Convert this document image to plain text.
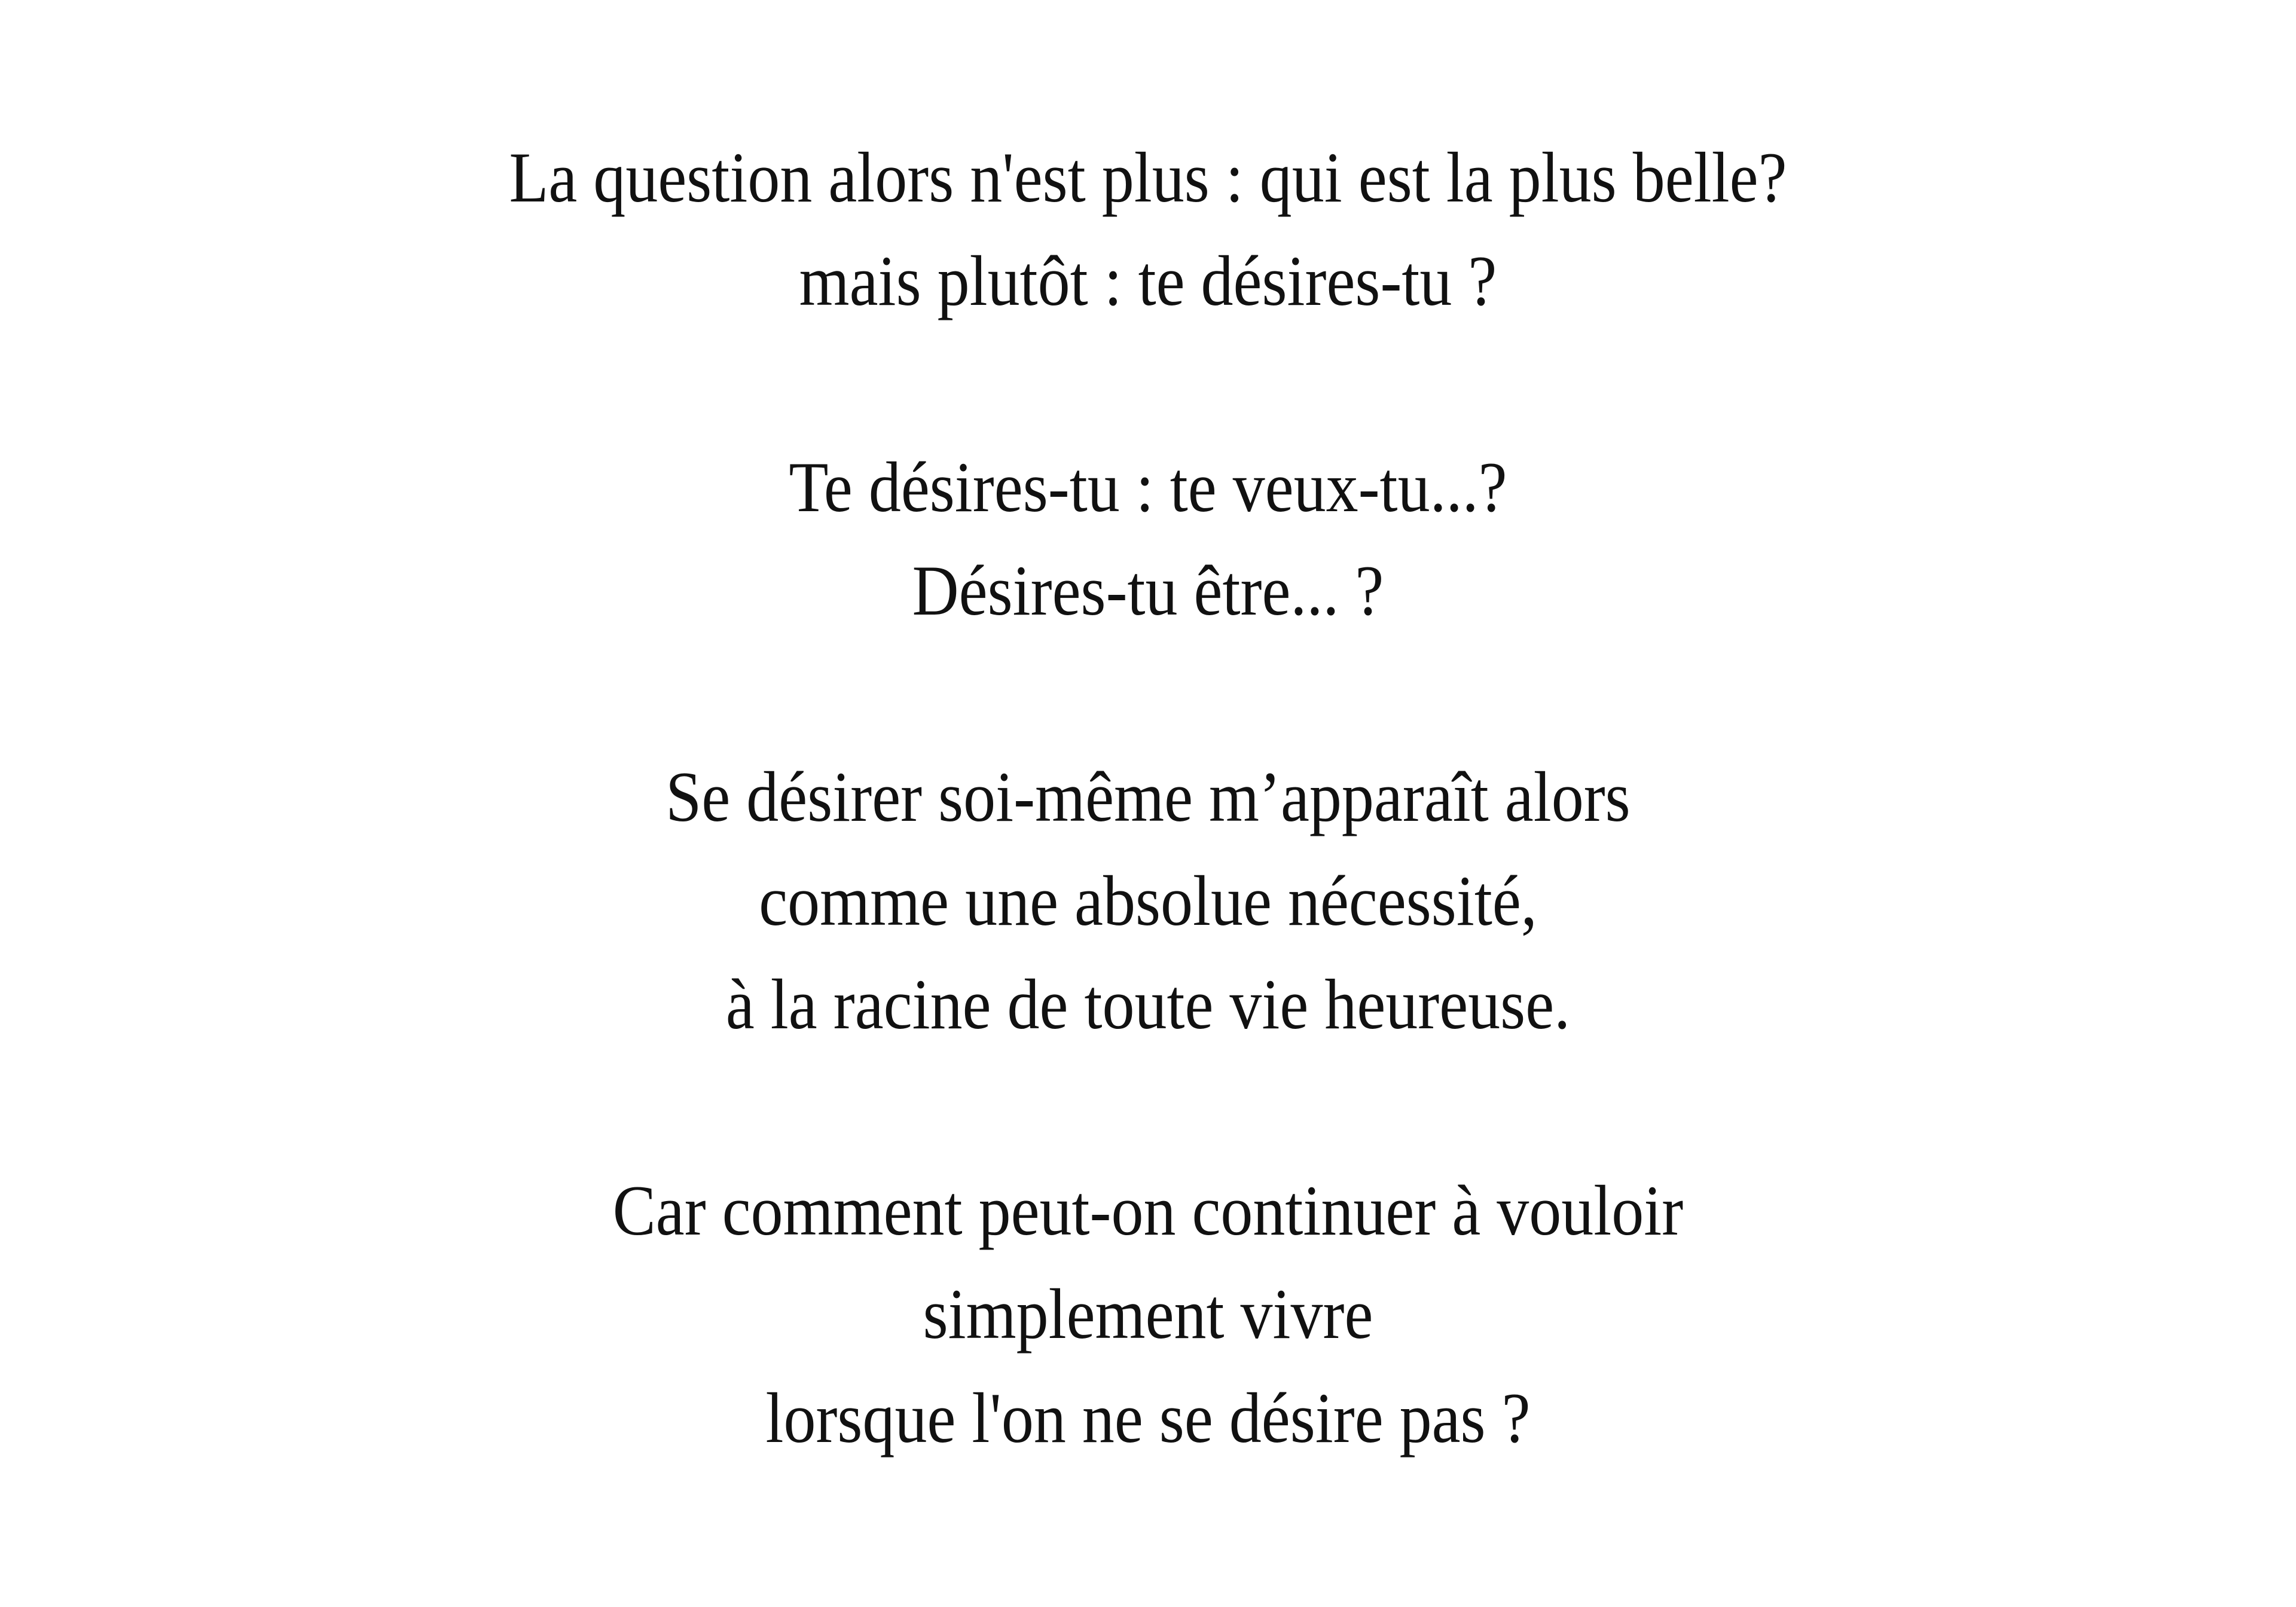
La question alors n'est plus : qui est la plus belle?
mais plutôt : te désires-tu ?
Te désires-tu : te veux-tu...?
Désires-tu être... ?
Se désirer soi-même m’apparaît alors
comme une absolue nécessité,
à la racine de toute vie heureuse.
Car comment peut-on continuer à vouloir
simplement vivre
lorsque l'on ne se désire pas ?
